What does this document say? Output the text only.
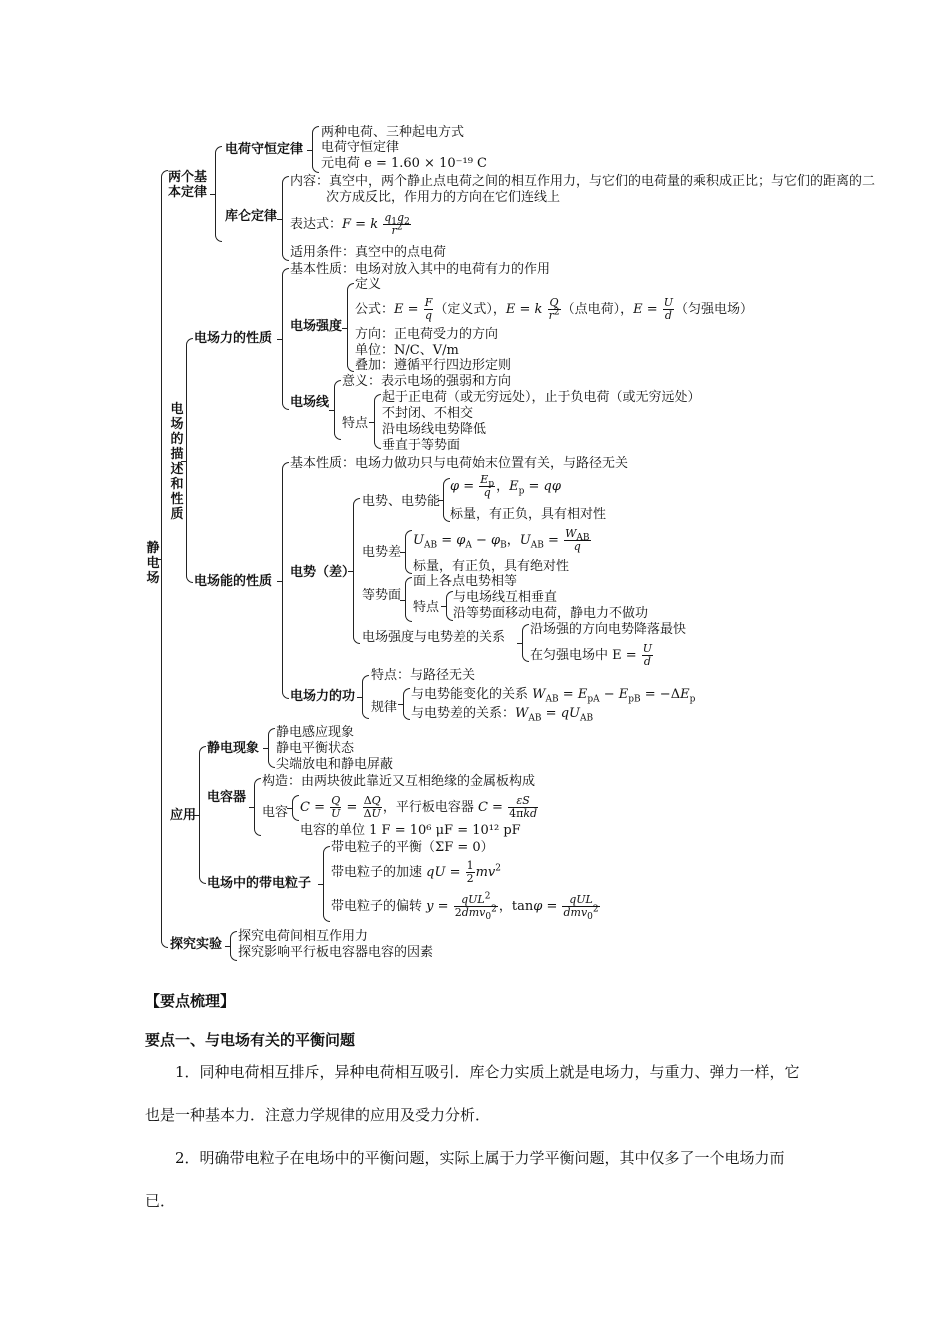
静电场
两个基本定律
电荷守恒定律
两种电荷、三种起电方式
电荷守恒定律
元电荷 e = 1.60 × 10⁻¹⁹ C
库仑定律
内容：真空中，两个静止点电荷之间的相互作用力，与它们的电荷量的乘积成正比；与它们的距离的二
次方成反比，作用力的方向在它们连线上
表达式：F = k $\frac{q_1q_2}{r^2}$
适用条件：真空中的点电荷
电场的描述和性质
电场力的性质
基本性质：电场对放入其中的电荷有力的作用
电场强度
定义
公式：$E = \frac{F}{q}$ （定义式），E = k $\frac{Q}{r^2}$ （点电荷），$E = \frac{U}{d}$ （匀强电场）
方向：正电荷受力的方向
单位：N/C、V/m
叠加：遵循平行四边形定则
电场线
意义：表示电场的强弱和方向
特点
起于正电荷（或无穷远处），止于负电荷（或无穷远处）
不封闭、不相交
沿电场线电势降低
垂直于等势面
电场能的性质
基本性质：电场力做功只与电荷始末位置有关，与路径无关
电势（差）
电势、电势能
$\varphi = \frac{E_p}{q}$ ，$E_p = q\varphi$
标量，有正负，具有相对性
电势差
$U_{AB} = \varphi_A - \varphi_B$，$U_{AB} = \frac{W_{AB}}{q}$
标量，有正负，具有绝对性
等势面
面上各点电势相等
特点
与电场线互相垂直
沿等势面移动电荷，静电力不做功
电场强度与电势差的关系
沿场强的方向电势降落最快
在匀强电场中 $E = \frac{U}{d}$
电场力的功
特点：与路径无关
规律
与电势能变化的关系 $W_{AB} = E_{pA} - E_{pB} = -\Delta E_p$
与电势差的关系：$W_{AB} = qU_{AB}$
应用
静电现象
静电感应现象
静电平衡状态
尖端放电和静电屏蔽
电容器
构造：由两块彼此靠近又互相绝缘的金属板构成
电容 $C = \frac{Q}{U} = \frac{\Delta Q}{\Delta U}$ ，平行板电容器 $C = \frac{\varepsilon S}{\text{4πkd}}$
电容的单位 1 F = 10⁶ μF = 10¹² pF
电场中的带电粒子
带电粒子的平衡（ΣF = 0）
带电粒子的加速 qU = $\frac{1}{2} mv^2$
带电粒子的偏转 $y = \frac{qUL^2}{2dmv_0^2}$ ，$\tan\varphi = \frac{\text{qUL}}{dmv_0^2}$
探究实验
探究电荷间相互作用力
探究影响平行板电容器电容的因素
【要点梳理】
要点一、与电场有关的平衡问题
1．同种电荷相互排斥，异种电荷相互吸引．库仑力实质上就是电场力，与重力、弹力一样，它也是一种基本力．注意力学规律的应用及受力分析．
2．明确带电粒子在电场中的平衡问题，实际上属于力学平衡问题，其中仅多了一个电场力而已．
